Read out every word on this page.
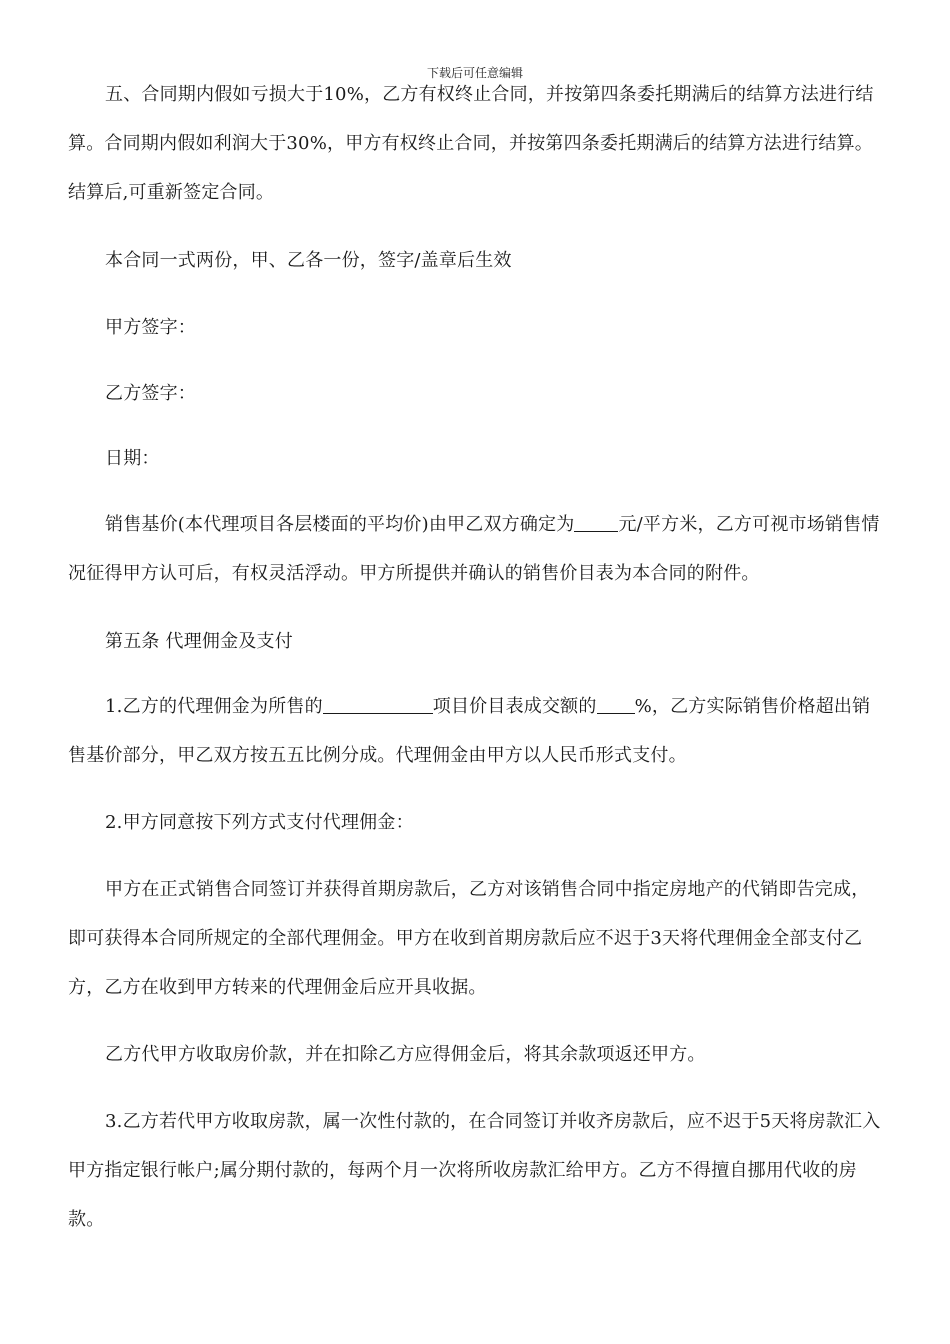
下载后可任意编辑

五、合同期内假如亏损大于10%，乙方有权终止合同，并按第四条委托期满后的结算方法进行结算。合同期内假如利润大于30%，甲方有权终止合同，并按第四条委托期满后的结算方法进行结算。结算后,可重新签定合同。

本合同一式两份，甲、乙各一份，签字/盖章后生效

甲方签字：

乙方签字：

日期：

销售基价(本代理项目各层楼面的平均价)由甲乙双方确定为 元/平方米，乙方可视市场销售情况征得甲方认可后，有权灵活浮动。甲方所提供并确认的销售价目表为本合同的附件。

第五条 代理佣金及支付

1.乙方的代理佣金为所售的	项目价目表成交额的 %，乙方实际销售价格超出销售基价部分，甲乙双方按五五比例分成。代理佣金由甲方以人民币形式支付。

2.甲方同意按下列方式支付代理佣金：

甲方在正式销售合同签订并获得首期房款后，乙方对该销售合同中指定房地产的代销即告完成，即可获得本合同所规定的全部代理佣金。甲方在收到首期房款后应不迟于3天将代理佣金全部支付乙方，乙方在收到甲方转来的代理佣金后应开具收据。

乙方代甲方收取房价款，并在扣除乙方应得佣金后，将其余款项返还甲方。

3.乙方若代甲方收取房款，属一次性付款的，在合同签订并收齐房款后，应不迟于5天将房款汇入甲方指定银行帐户;属分期付款的，每两个月一次将所收房款汇给甲方。乙方不得擅自挪用代收的房款。
